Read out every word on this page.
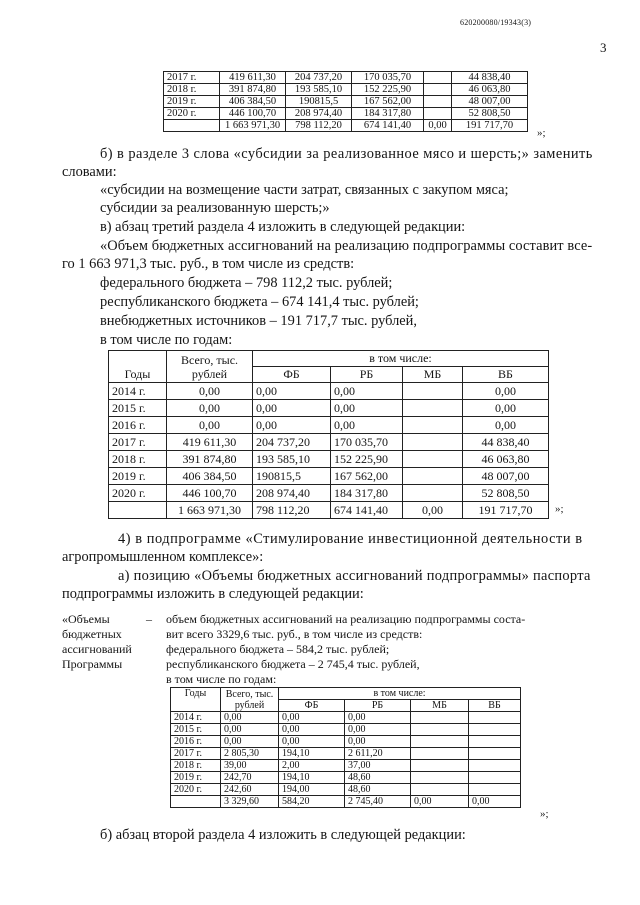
620200080/19343(3)
3
2017 г.	419 611,30	204 737,20	170 035,70		44 838,40
2018 г.	391 874,80	193 585,10	152 225,90		46 063,80
2019 г.	406 384,50	190815,5	167 562,00		48 007,00
2020 г.	446 100,70	208 974,40	184 317,80		52 808,50
	1 663 971,30	798 112,20	674 141,40	0,00	191 717,70
»;
б) в разделе 3 слова «субсидии за реализованное мясо и шерсть;» заменить
словами:
«субсидии на возмещение части затрат, связанных с закупом мяса;
субсидии за реализованную шерсть;»
в) абзац третий раздела 4 изложить в следующей редакции:
«Объем бюджетных ассигнований на реализацию подпрограммы составит все-
го 1 663 971,3 тыс. руб., в том числе из средств:
федерального бюджета – 798 112,2 тыс. рублей;
республиканского бюджета – 674 141,4 тыс. рублей;
внебюджетных источников – 191 717,7 тыс. рублей,
в том числе по годам:
Годы	Всего, тыс. рублей	в том числе:			
		ФБ	РБ	МБ	ВБ
2014 г.	0,00	0,00	0,00		0,00
2015 г.	0,00	0,00	0,00		0,00
2016 г.	0,00	0,00	0,00		0,00
2017 г.	419 611,30	204 737,20	170 035,70		44 838,40
2018 г.	391 874,80	193 585,10	152 225,90		46 063,80
2019 г.	406 384,50	190815,5	167 562,00		48 007,00
2020 г.	446 100,70	208 974,40	184 317,80		52 808,50
	1 663 971,30	798 112,20	674 141,40	0,00	191 717,70 »;
4) в подпрограмме «Стимулирование инвестиционной деятельности в
агропромышленном комплексе»:
а) позицию «Объемы бюджетных ассигнований подпрограммы» паспорта
подпрограммы изложить в следующей редакции:
«Объемы
бюджетных
ассигнований
Программы
– объем бюджетных ассигнований на реализацию подпрограммы соста-
вит всего 3329,6 тыс. руб., в том числе из средств:
федерального бюджета – 584,2 тыс. рублей;
республиканского бюджета – 2 745,4 тыс. рублей,
в том числе по годам:
Годы	Всего, тыс. рублей	в том числе:			
		ФБ	РБ	МБ	ВБ
2014 г.	0,00	0,00	0,00		
2015 г.	0,00	0,00	0,00		
2016 г.	0,00	0,00	0,00		
2017 г.	2 805,30	194,10	2 611,20		
2018 г.	39,00	2,00	37,00		
2019 г.	242,70	194,10	48,60		
2020 г.	242,60	194,00	48,60		
	3 329,60	584,20	2 745,40	0,00	0,00
»;
б) абзац второй раздела 4 изложить в следующей редакции:
